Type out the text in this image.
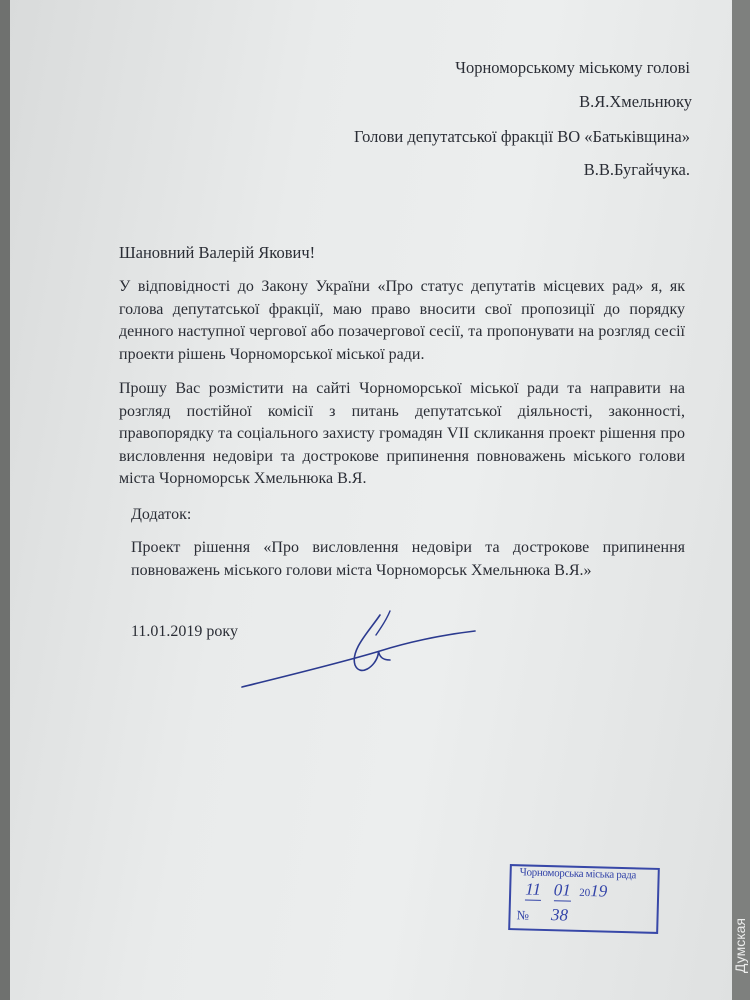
Чорноморському міському голові
В.Я.Хмельнюку
Голови депутатської фракції ВО «Батьківщина»
В.В.Бугайчука.
Шановний Валерій Якович!
У відповідності до Закону України «Про статус депутатів місцевих рад» я, як голова депутатської фракції, маю право вносити свої пропозиції до порядку денного наступної чергової або позачергової сесії, та пропонувати на розгляд сесії проекти рішень Чорноморської міської ради.
Прошу Вас розмістити на сайті Чорноморської міської ради та направити на розгляд постійної комісії з питань депутатської діяльності, законності, правопорядку та соціального захисту громадян VII скликання проект рішення про висловлення недовіри та дострокове припинення повноважень міського голови міста Чорноморськ Хмельнюка В.Я.
Додаток:
Проект рішення «Про висловлення недовіри та дострокове припинення повноважень міського голови міста Чорноморськ Хмельнюка В.Я.»
11.01.2019 року
Чорноморська міська рада
11 01 2019
№ 38
Думская
